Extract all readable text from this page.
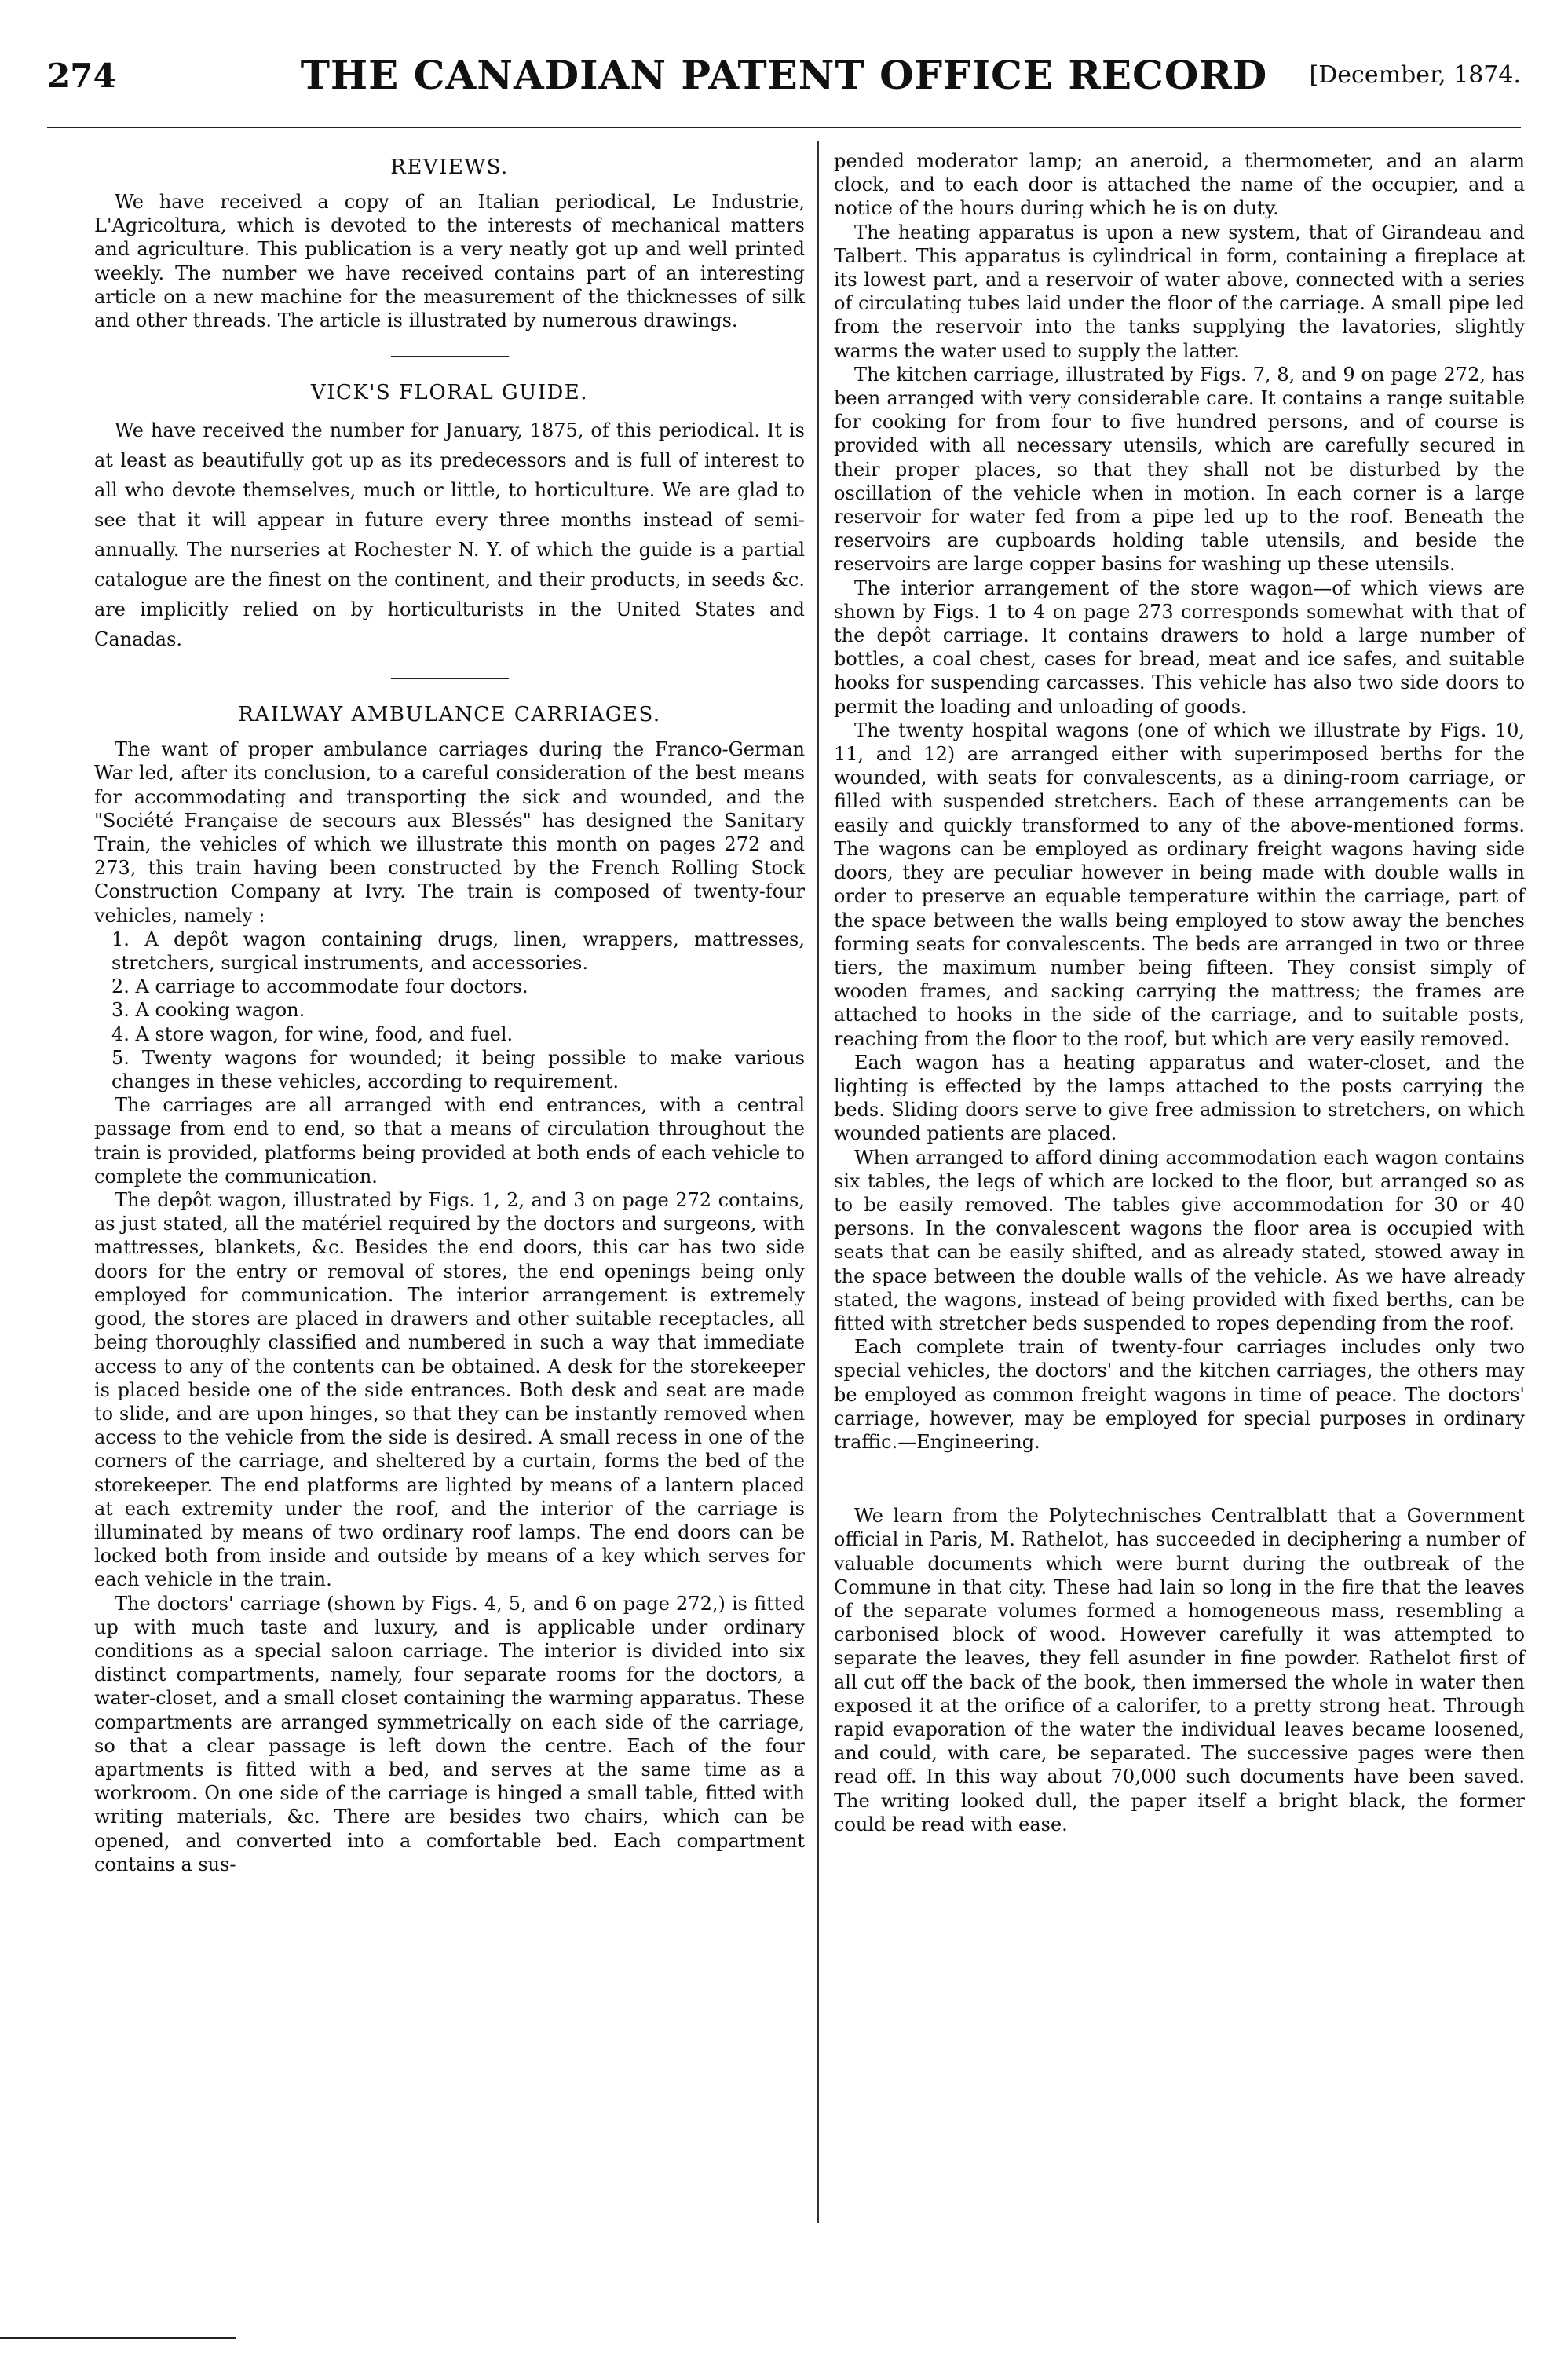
274	THE CANADIAN PATENT OFFICE RECORD	[December, 1874.
REVIEWS.

We have received a copy of an Italian periodical, Le Industrie, L'Agricoltura, which is devoted to the interests of mechanical matters and agriculture. This publication is a very neatly got up and well printed weekly. The number we have received contains part of an interesting article on a new machine for the measurement of the thicknesses of silk and other threads. The article is illustrated by numerous drawings.

VICK'S FLORAL GUIDE.

We have received the number for January, 1875, of this periodical. It is at least as beautifully got up as its predecessors and is full of interest to all who devote themselves, much or little, to horticulture. We are glad to see that it will appear in future every three months instead of semi-annually. The nurseries at Rochester N. Y. of which the guide is a partial catalogue are the finest on the continent, and their products, in seeds &c. are implicitly relied on by horticulturists in the United States and Canadas.

RAILWAY AMBULANCE CARRIAGES.

The want of proper ambulance carriages during the Franco-German War led, after its conclusion, to a careful consideration of the best means for accommodating and transporting the sick and wounded, and the "Société Française de secours aux Blessés" has designed the Sanitary Train, the vehicles of which we illustrate this month on pages 272 and 273, this train having been constructed by the French Rolling Stock Construction Company at Ivry. The train is composed of twenty-four vehicles, namely :

1. A depôt wagon containing drugs, linen, wrappers, mattresses, stretchers, surgical instruments, and accessories.

2. A carriage to accommodate four doctors.

3. A cooking wagon.

4. A store wagon, for wine, food, and fuel.

5. Twenty wagons for wounded; it being possible to make various changes in these vehicles, according to requirement.

The carriages are all arranged with end entrances, with a central passage from end to end, so that a means of circulation throughout the train is provided, platforms being provided at both ends of each vehicle to complete the communication.

The depôt wagon, illustrated by Figs. 1, 2, and 3 on page 272 contains, as just stated, all the matériel required by the doctors and surgeons, with mattresses, blankets, &c. Besides the end doors, this car has two side doors for the entry or removal of stores, the end openings being only employed for communication. The interior arrangement is extremely good, the stores are placed in drawers and other suitable receptacles, all being thoroughly classified and numbered in such a way that immediate access to any of the contents can be obtained. A desk for the storekeeper is placed beside one of the side entrances. Both desk and seat are made to slide, and are upon hinges, so that they can be instantly removed when access to the vehicle from the side is desired. A small recess in one of the corners of the carriage, and sheltered by a curtain, forms the bed of the storekeeper. The end platforms are lighted by means of a lantern placed at each extremity under the roof, and the interior of the carriage is illuminated by means of two ordinary roof lamps. The end doors can be locked both from inside and outside by means of a key which serves for each vehicle in the train.

The doctors' carriage (shown by Figs. 4, 5, and 6 on page 272,) is fitted up with much taste and luxury, and is applicable under ordinary conditions as a special saloon carriage. The interior is divided into six distinct compartments, namely, four separate rooms for the doctors, a water-closet, and a small closet containing the warming apparatus. These compartments are arranged symmetrically on each side of the carriage, so that a clear passage is left down the centre. Each of the four apartments is fitted with a bed, and serves at the same time as a workroom. On one side of the carriage is hinged a small table, fitted with writing materials, &c. There are besides two chairs, which can be opened, and converted into a comfortable bed. Each compartment contains a sus-

pended moderator lamp; an aneroid, a thermometer, and an alarm clock, and to each door is attached the name of the occupier, and a notice of the hours during which he is on duty.

The heating apparatus is upon a new system, that of Girandeau and Talbert. This apparatus is cylindrical in form, containing a fireplace at its lowest part, and a reservoir of water above, connected with a series of circulating tubes laid under the floor of the carriage. A small pipe led from the reservoir into the tanks supplying the lavatories, slightly warms the water used to supply the latter.

The kitchen carriage, illustrated by Figs. 7, 8, and 9 on page 272, has been arranged with very considerable care. It contains a range suitable for cooking for from four to five hundred persons, and of course is provided with all necessary utensils, which are carefully secured in their proper places, so that they shall not be disturbed by the oscillation of the vehicle when in motion. In each corner is a large reservoir for water fed from a pipe led up to the roof. Beneath the reservoirs are cupboards holding table utensils, and beside the reservoirs are large copper basins for washing up these utensils.

The interior arrangement of the store wagon—of which views are shown by Figs. 1 to 4 on page 273 corresponds somewhat with that of the depôt carriage. It contains drawers to hold a large number of bottles, a coal chest, cases for bread, meat and ice safes, and suitable hooks for suspending carcasses. This vehicle has also two side doors to permit the loading and unloading of goods.

The twenty hospital wagons (one of which we illustrate by Figs. 10, 11, and 12) are arranged either with superimposed berths for the wounded, with seats for convalescents, as a dining-room carriage, or filled with suspended stretchers. Each of these arrangements can be easily and quickly transformed to any of the above-mentioned forms. The wagons can be employed as ordinary freight wagons having side doors, they are peculiar however in being made with double walls in order to preserve an equable temperature within the carriage, part of the space between the walls being employed to stow away the benches forming seats for convalescents. The beds are arranged in two or three tiers, the maximum number being fifteen. They consist simply of wooden frames, and sacking carrying the mattress; the frames are attached to hooks in the side of the carriage, and to suitable posts, reaching from the floor to the roof, but which are very easily removed.

Each wagon has a heating apparatus and water-closet, and the lighting is effected by the lamps attached to the posts carrying the beds. Sliding doors serve to give free admission to stretchers, on which wounded patients are placed.

When arranged to afford dining accommodation each wagon contains six tables, the legs of which are locked to the floor, but arranged so as to be easily removed. The tables give accommodation for 30 or 40 persons. In the convalescent wagons the floor area is occupied with seats that can be easily shifted, and as already stated, stowed away in the space between the double walls of the vehicle. As we have already stated, the wagons, instead of being provided with fixed berths, can be fitted with stretcher beds suspended to ropes depending from the roof.

Each complete train of twenty-four carriages includes only two special vehicles, the doctors' and the kitchen carriages, the others may be employed as common freight wagons in time of peace. The doctors' carriage, however, may be employed for special purposes in ordinary traffic.—Engineering.

We learn from the Polytechnisches Centralblatt that a Government official in Paris, M. Rathelot, has succeeded in deciphering a number of valuable documents which were burnt during the outbreak of the Commune in that city. These had lain so long in the fire that the leaves of the separate volumes formed a homogeneous mass, resembling a carbonised block of wood. However carefully it was attempted to separate the leaves, they fell asunder in fine powder. Rathelot first of all cut off the back of the book, then immersed the whole in water then exposed it at the orifice of a calorifer, to a pretty strong heat. Through rapid evaporation of the water the individual leaves became loosened, and could, with care, be separated. The successive pages were then read off. In this way about 70,000 such documents have been saved. The writing looked dull, the paper itself a bright black, the former could be read with ease.
